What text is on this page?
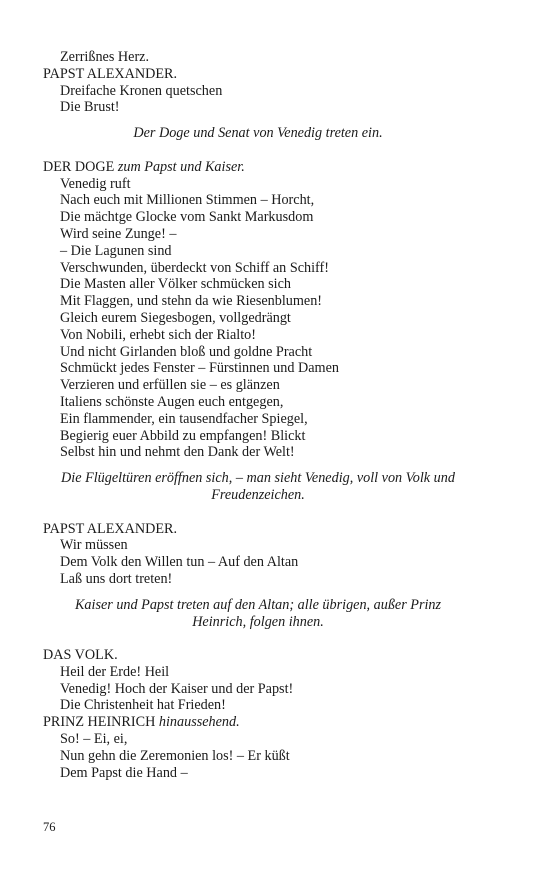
Zerrißnes Herz.
PAPST ALEXANDER.
Dreifache Kronen quetschen
Die Brust!
Der Doge und Senat von Venedig treten ein.
DER DOGE zum Papst und Kaiser.
Venedig ruft
Nach euch mit Millionen Stimmen – Horcht,
Die mächtge Glocke vom Sankt Markusdom
Wird seine Zunge! –
– Die Lagunen sind
Verschwunden, überdeckt von Schiff an Schiff!
Die Masten aller Völker schmücken sich
Mit Flaggen, und stehn da wie Riesenblumen!
Gleich eurem Siegesbogen, vollgedrängt
Von Nobili, erhebt sich der Rialto!
Und nicht Girlanden bloß und goldne Pracht
Schmückt jedes Fenster – Fürstinnen und Damen
Verzieren und erfüllen sie – es glänzen
Italiens schönste Augen euch entgegen,
Ein flammender, ein tausendfacher Spiegel,
Begierig euer Abbild zu empfangen! Blickt
Selbst hin und nehmt den Dank der Welt!
Die Flügeltüren eröffnen sich, – man sieht Venedig, voll von Volk und
Freudenzeichen.
PAPST ALEXANDER.
Wir müssen
Dem Volk den Willen tun – Auf den Altan
Laß uns dort treten!
Kaiser und Papst treten auf den Altan; alle übrigen, außer Prinz
Heinrich, folgen ihnen.
DAS VOLK.
Heil der Erde! Heil
Venedig! Hoch der Kaiser und der Papst!
Die Christenheit hat Frieden!
PRINZ HEINRICH hinaussehend.
So! – Ei, ei,
Nun gehn die Zeremonien los! – Er küßt
Dem Papst die Hand –
76
